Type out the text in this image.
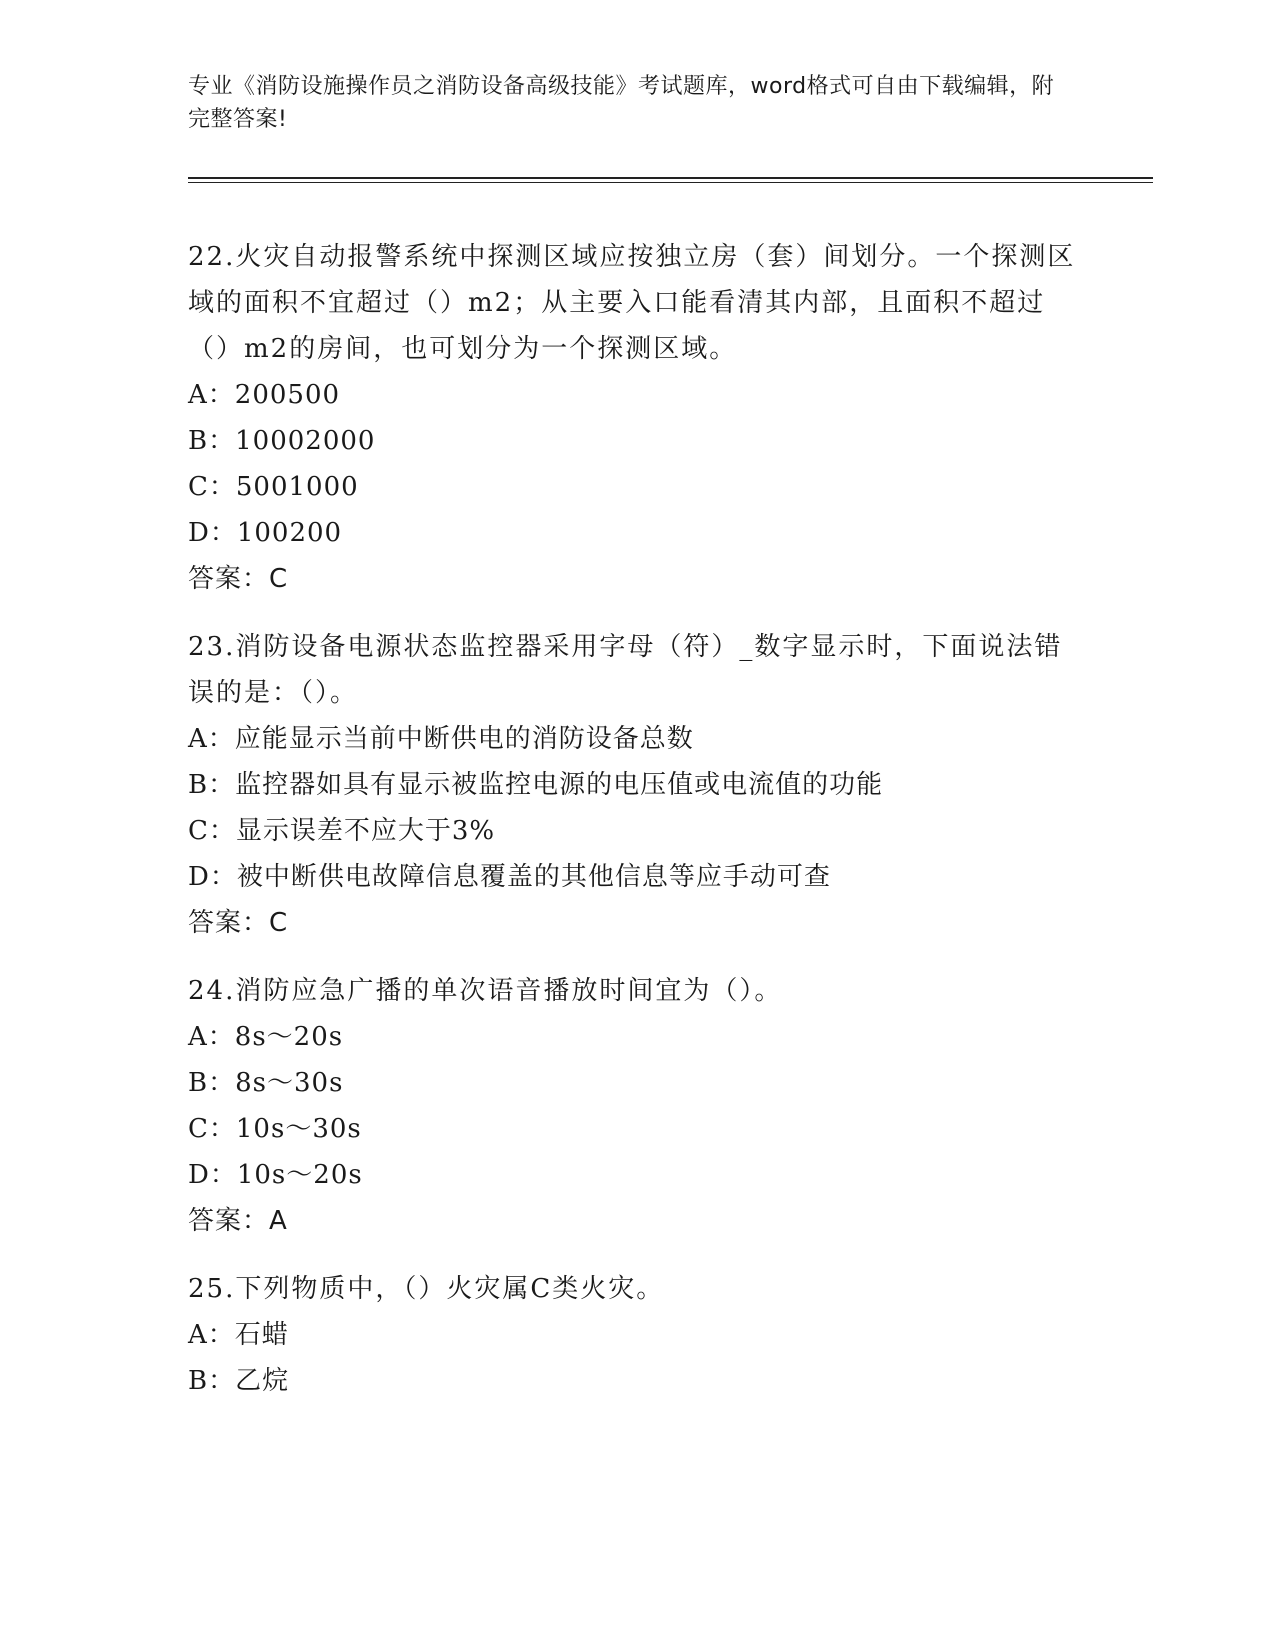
专业《消防设施操作员之消防设备高级技能》考试题库，word格式可自由下载编辑，附完整答案!
22.火灾自动报警系统中探测区域应按独立房（套）间划分。一个探测区域的面积不宜超过（）m2；从主要入口能看清其内部，且面积不超过（）m2的房间，也可划分为一个探测区域。
A：200500
B：10002000
C：5001000
D：100200
答案：C
23.消防设备电源状态监控器采用字母（符）_数字显示时，下面说法错误的是：（）。
A：应能显示当前中断供电的消防设备总数
B：监控器如具有显示被监控电源的电压值或电流值的功能
C：显示误差不应大于3%
D：被中断供电故障信息覆盖的其他信息等应手动可查
答案：C
24.消防应急广播的单次语音播放时间宜为（）。
A：8s～20s
B：8s～30s
C：10s～30s
D：10s～20s
答案：A
25.下列物质中，（）火灾属C类火灾。
A：石蜡
B：乙烷
